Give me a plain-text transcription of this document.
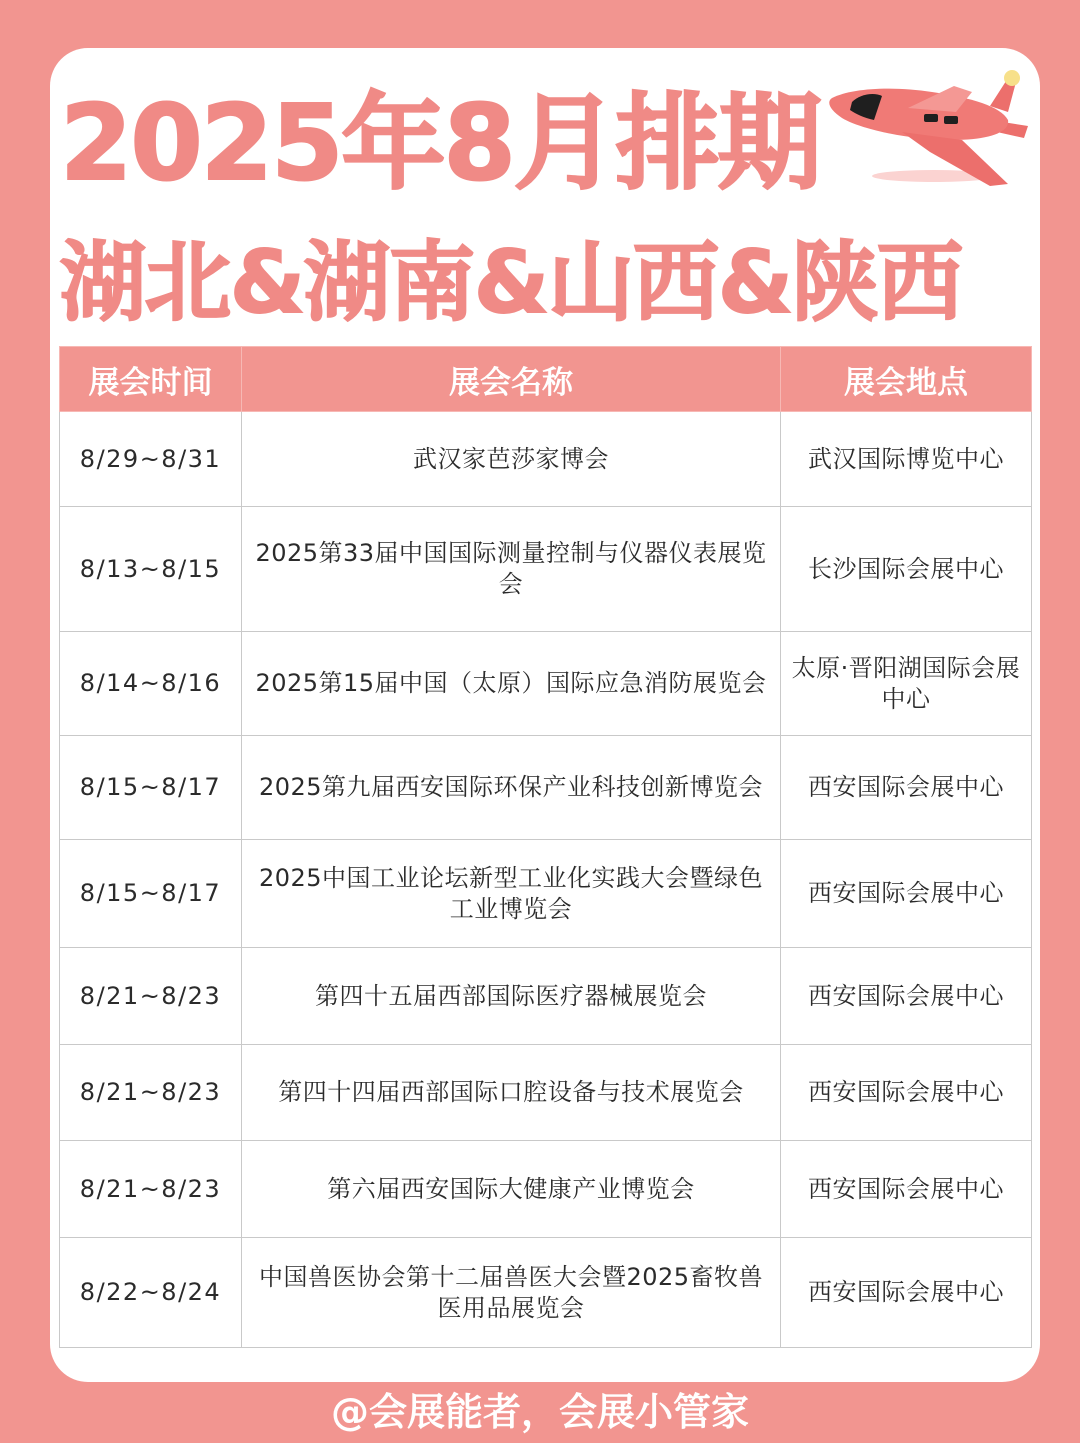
2025年8月排期
湖北&湖南&山西&陕西
展会时间	展会名称	展会地点
8/29~8/31	武汉家芭莎家博会	武汉国际博览中心
8/13~8/15	2025第33届中国国际测量控制与仪器仪表展览会	长沙国际会展中心
8/14~8/16	2025第15届中国（太原）国际应急消防展览会	太原·晋阳湖国际会展中心
8/15~8/17	2025第九届西安国际环保产业科技创新博览会	西安国际会展中心
8/15~8/17	2025中国工业论坛新型工业化实践大会暨绿色工业博览会	西安国际会展中心
8/21~8/23	第四十五届西部国际医疗器械展览会	西安国际会展中心
8/21~8/23	第四十四届西部国际口腔设备与技术展览会	西安国际会展中心
8/21~8/23	第六届西安国际大健康产业博览会	西安国际会展中心
8/22~8/24	中国兽医协会第十二届兽医大会暨2025畜牧兽医用品展览会	西安国际会展中心
@会展能者，会展小管家
